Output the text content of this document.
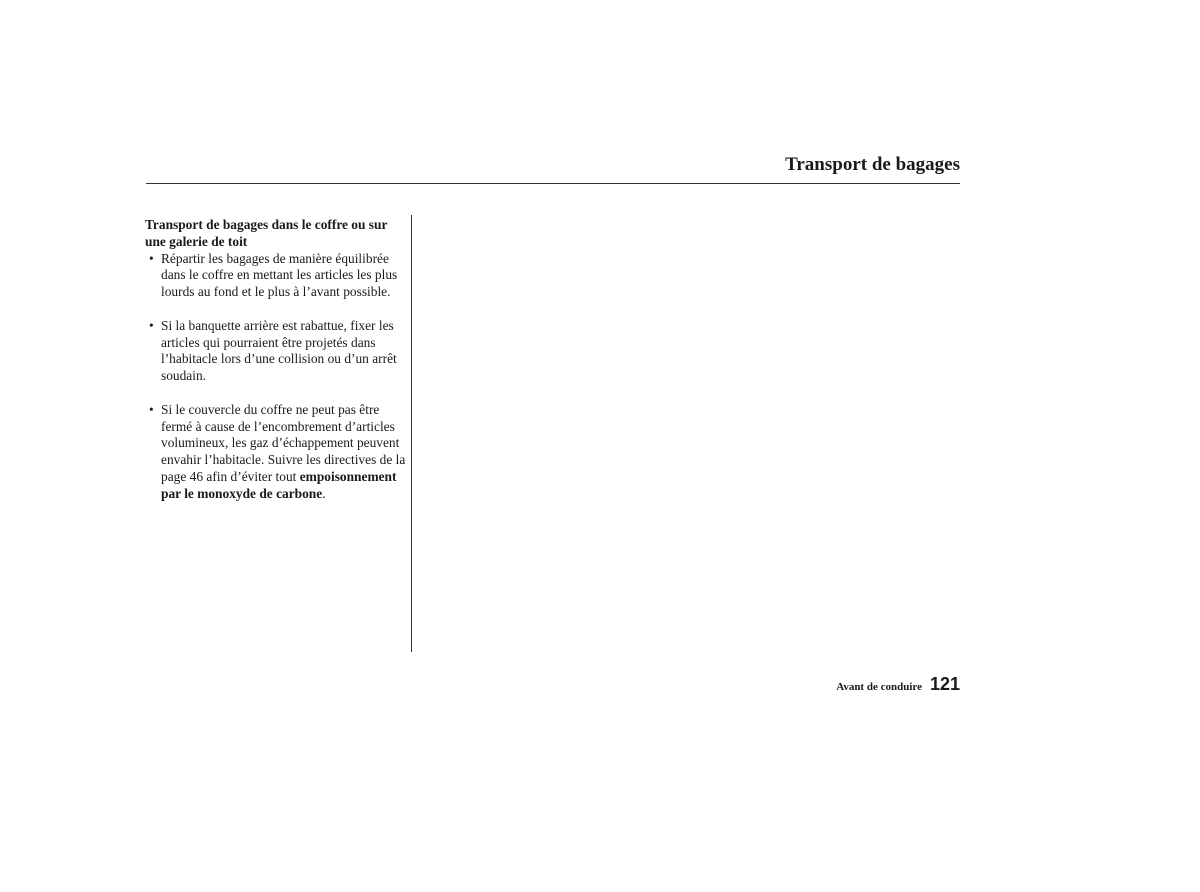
Transport de bagages

Transport de bagages dans le coffre ou sur une galerie de toit

• Répartir les bagages de manière équilibrée dans le coffre en mettant les articles les plus lourds au fond et le plus à l’avant possible.
• Si la banquette arrière est rabattue, fixer les articles qui pourraient être projetés dans l’habitacle lors d’une collision ou d’un arrêt soudain.
• Si le couvercle du coffre ne peut pas être fermé à cause de l’encombrement d’articles volumineux, les gaz d’échappement peuvent envahir l’habitacle. Suivre les directives de la page 46 afin d’éviter tout empoisonnement par le monoxyde de carbone.
Avant de conduire 121
